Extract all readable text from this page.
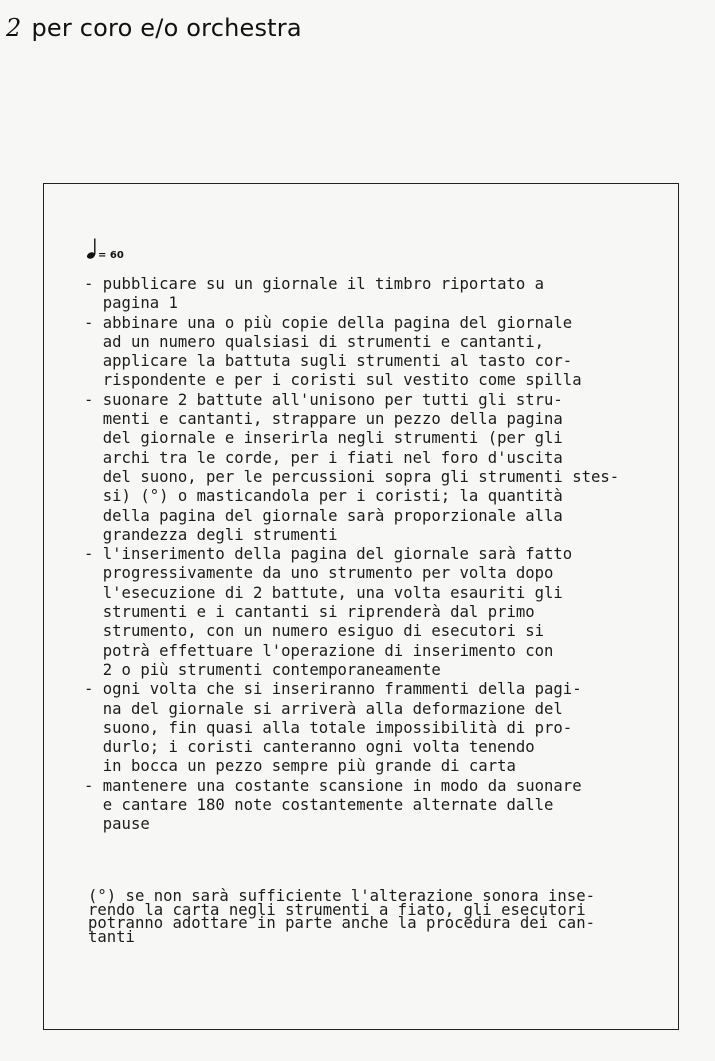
2 per coro e/o orchestra
= 60
- pubblicare su un giornale il timbro riportato a
pagina 1
- abbinare una o più copie della pagina del giornale
ad un numero qualsiasi di strumenti e cantanti,
applicare la battuta sugli strumenti al tasto cor-
rispondente e per i coristi sul vestito come spilla
- suonare 2 battute all'unisono per tutti gli stru-
menti e cantanti, strappare un pezzo della pagina
del giornale e inserirla negli strumenti (per gli
archi tra le corde, per i fiati nel foro d'uscita
del suono, per le percussioni sopra gli strumenti stes-
si) (°) o masticandola per i coristi; la quantità
della pagina del giornale sarà proporzionale alla
grandezza degli strumenti
- l'inserimento della pagina del giornale sarà fatto
progressivamente da uno strumento per volta dopo
l'esecuzione di 2 battute, una volta esauriti gli
strumenti e i cantanti si riprenderà dal primo
strumento, con un numero esiguo di esecutori si
potrà effettuare l'operazione di inserimento con
2 o più strumenti contemporaneamente
- ogni volta che si inseriranno frammenti della pagi-
na del giornale si arriverà alla deformazione del
suono, fin quasi alla totale impossibilità di pro-
durlo; i coristi canteranno ogni volta tenendo
in bocca un pezzo sempre più grande di carta
- mantenere una costante scansione in modo da suonare
e cantare 180 note costantemente alternate dalle
pause

(°) se non sarà sufficiente l'alterazione sonora inse-
rendo la carta negli strumenti a fiato, gli esecutori
potranno adottare in parte anche la procedura dei can-
tanti
